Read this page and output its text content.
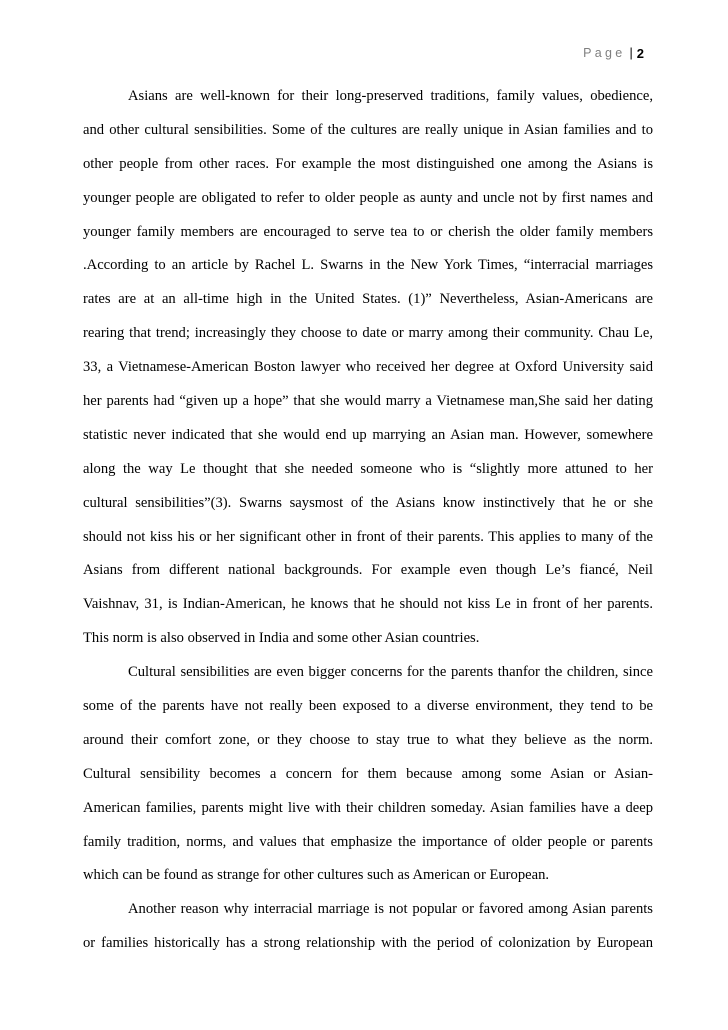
Page | 2
Asians are well-known for their long-preserved traditions, family values, obedience,
and other cultural sensibilities. Some of the cultures are really unique in Asian families and to
other people from other races. For example the most distinguished one among the Asians is
younger people are obligated to refer to older people as aunty and uncle not by first names and
younger family members are encouraged to serve tea to or cherish the older family members
.According to an article by Rachel L. Swarns in the New York Times, “interracial marriages
rates are at an all-time high in the United States. (1)” Nevertheless, Asian-Americans are
rearing that trend; increasingly they choose to date or marry among their community. Chau Le,
33, a Vietnamese-American Boston lawyer who received her degree at Oxford University said
her parents had “given up a hope” that she would marry a Vietnamese man,She said her dating
statistic never indicated that she would end up marrying an Asian man. However, somewhere
along the way Le thought that she needed someone who is “slightly more attuned to her
cultural sensibilities”(3). Swarns saysmost of the Asians know instinctively that he or she
should not kiss his or her significant other in front of their parents. This applies to many of the
Asians from different national backgrounds. For example even though Le’s fiancé, Neil
Vaishnav, 31, is Indian-American, he knows that he should not kiss Le in front of her parents.
This norm is also observed in India and some other Asian countries.
Cultural sensibilities are even bigger concerns for the parents thanfor the children, since
some of the parents have not really been exposed to a diverse environment, they tend to be
around their comfort zone, or they choose to stay true to what they believe as the norm.
Cultural sensibility becomes a concern for them because among some Asian or Asian-
American families, parents might live with their children someday. Asian families have a deep
family tradition, norms, and values that emphasize the importance of older people or parents
which can be found as strange for other cultures such as American or European.
Another reason why interracial marriage is not popular or favored among Asian parents
or families historically has a strong relationship with the period of colonization by European
